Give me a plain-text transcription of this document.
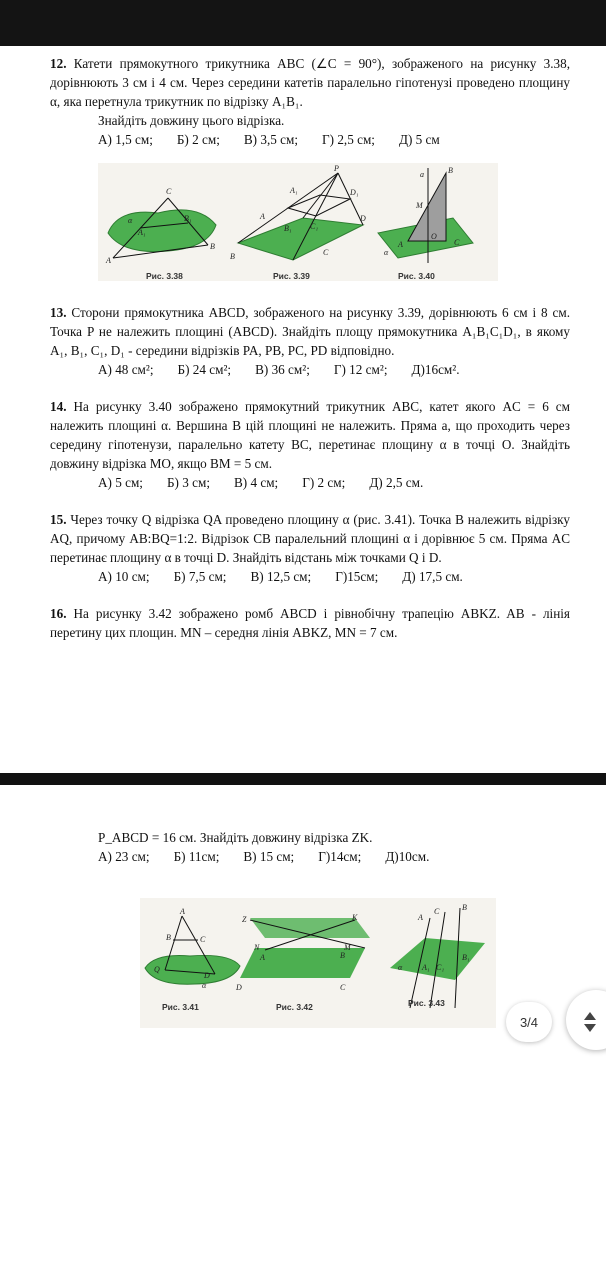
12. Катети прямокутного трикутника ABC (∠C = 90°), зображеного на рисунку 3.38, дорівнюють 3 см і 4 см. Через середини катетів паралельно гіпотенузі проведено площину α, яка перетнула трикутник по відрізку A₁B₁.

Знайдіть довжину цього відрізка.

А) 1,5 см; Б) 2 см; В) 3,5 см; Г) 2,5 см; Д) 5 см
C
α
A₁
B₁
B
A
P
A₁	D₁
A	D
B₁ C₁
C
B
a	B
M
A
O
C
α
Рис. 3.38	Рис. 3.39	Рис. 3.40

13. Сторони прямокутника ABCD, зображеного на рисунку 3.39, дорівнюють 6 см і 8 см. Точка P не належить площині (ABCD). Знайдіть площу прямокутника A₁B₁C₁D₁, в якому A₁, B₁, C₁, D₁ - середини відрізків PA, PB, PC, PD відповідно.

А) 48 см²; Б) 24 см²; В) 36 см²; Г) 12 см²; Д)16см².

14. На рисунку 3.40 зображено прямокутний трикутник ABC, катет якого AC = 6 см належить площині α. Вершина B цій площині не належить. Пряма a, що проходить через середину гіпотенузи, паралельно катету BC, перетинає площину α в точці O. Знайдіть довжину відрізка MO, якщо BM = 5 см.

А) 5 см; Б) 3 см; В) 4 см; Г) 2 см; Д) 2,5 см.

15. Через точку Q відрізка QA проведено площину α (рис. 3.41). Точка B належить відрізку AQ, причому AB:BQ=1:2. Відрізок CB паралельний площині α і дорівнює 5 см. Пряма AC перетинає площину α в точці D. Знайдіть відстань між точками Q і D.

А) 10 см; Б) 7,5 см; В) 12,5 см; Г)15см; Д) 17,5 см.

16. На рисунку 3.42 зображено ромб ABCD і рівнобічну трапецію ABKZ. AB - лінія перетину цих площин. MN – середня лінія ABKZ, MN = 7 см.

P_ABCD = 16 см. Знайдіть довжину відрізка ZK.

А) 23 см; Б) 11см; В) 15 см; Г)14см; Д)10см.
A
B	C
Q
D
α
Z	K
N	M
A	B
D	C
A
C	B
A₁ C₁
B₁
α
Рис. 3.41	Рис. 3.42	Рис. 3.43
3/4
